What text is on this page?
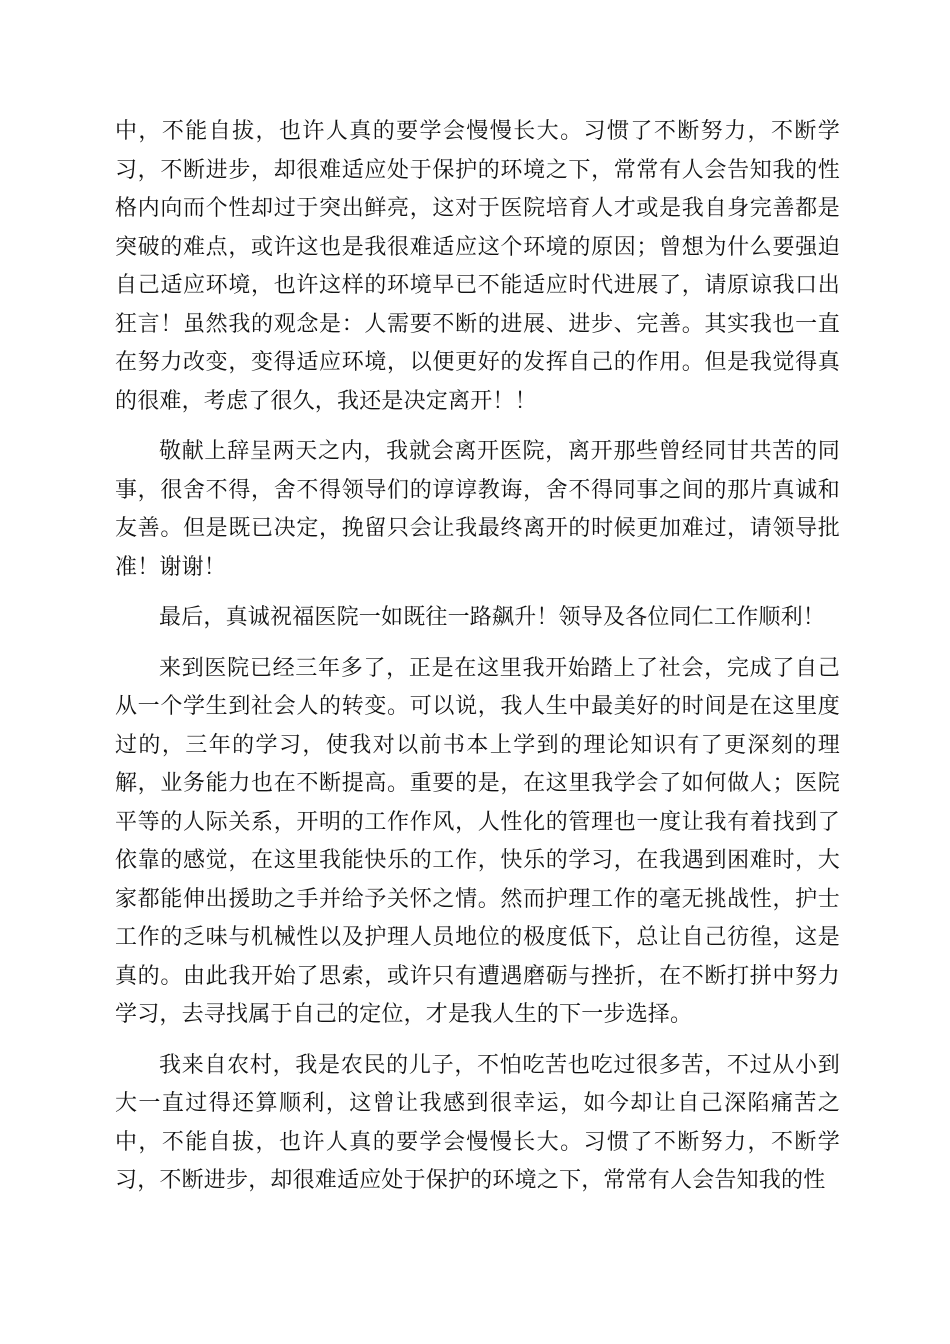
中，不能自拔，也许人真的要学会慢慢长大。习惯了不断努力，不断学习，不断进步，却很难适应处于保护的环境之下，常常有人会告知我的性格内向而个性却过于突出鲜亮，这对于医院培育人才或是我自身完善都是突破的难点，或许这也是我很难适应这个环境的原因；曾想为什么要强迫自己适应环境，也许这样的环境早已不能适应时代进展了，请原谅我口出狂言！虽然我的观念是：人需要不断的进展、进步、完善。其实我也一直在努力改变，变得适应环境，以便更好的发挥自己的作用。但是我觉得真的很难，考虑了很久，我还是决定离开！！

敬献上辞呈两天之内，我就会离开医院，离开那些曾经同甘共苦的同事，很舍不得，舍不得领导们的谆谆教诲，舍不得同事之间的那片真诚和友善。但是既已决定，挽留只会让我最终离开的时候更加难过，请领导批准！谢谢！

最后，真诚祝福医院一如既往一路飙升！领导及各位同仁工作顺利！

来到医院已经三年多了，正是在这里我开始踏上了社会，完成了自己从一个学生到社会人的转变。可以说，我人生中最美好的时间是在这里度过的，三年的学习，使我对以前书本上学到的理论知识有了更深刻的理解，业务能力也在不断提高。重要的是，在这里我学会了如何做人；医院平等的人际关系，开明的工作作风，人性化的管理也一度让我有着找到了依靠的感觉，在这里我能快乐的工作，快乐的学习，在我遇到困难时，大家都能伸出援助之手并给予关怀之情。然而护理工作的毫无挑战性，护士工作的乏味与机械性以及护理人员地位的极度低下，总让自己彷徨，这是真的。由此我开始了思索，或许只有遭遇磨砺与挫折，在不断打拼中努力学习，去寻找属于自己的定位，才是我人生的下一步选择。

我来自农村，我是农民的儿子，不怕吃苦也吃过很多苦，不过从小到大一直过得还算顺利，这曾让我感到很幸运，如今却让自己深陷痛苦之中，不能自拔，也许人真的要学会慢慢长大。习惯了不断努力，不断学习，不断进步，却很难适应处于保护的环境之下，常常有人会告知我的性
